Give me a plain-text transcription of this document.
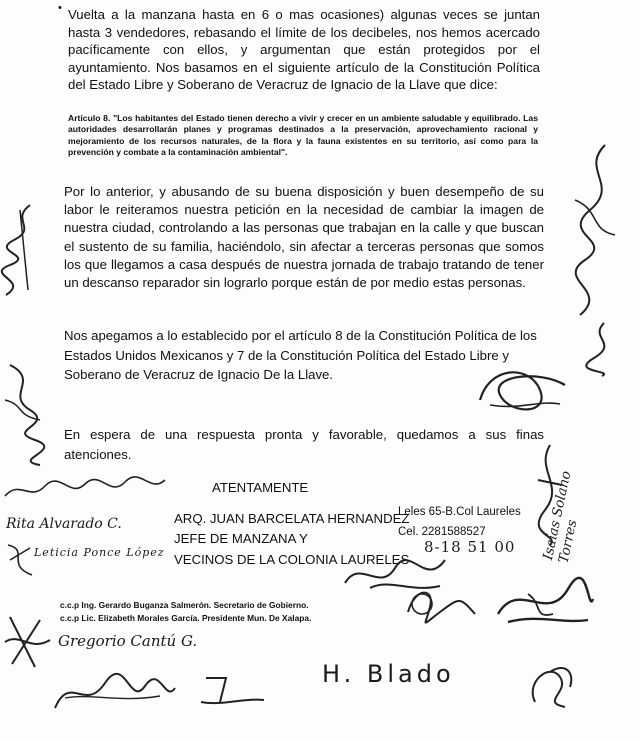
• Vuelta a la manzana hasta en 6 o mas ocasiones) algunas veces se juntan hasta 3 vendedores, rebasando el límite de los decibeles, nos hemos acercado pacíficamente con ellos, y argumentan que están protegidos por el ayuntamiento. Nos basamos en el siguiente artículo de la Constitución Política del Estado Libre y Soberano de Veracruz de Ignacio de la Llave que dice:
Artículo 8. "Los habitantes del Estado tienen derecho a vivir y crecer en un ambiente saludable y equilibrado. Las autoridades desarrollarán planes y programas destinados a la preservación, aprovechamiento racional y mejoramiento de los recursos naturales, de la flora y la fauna existentes en su territorio, así como para la prevención y combate a la contaminación ambiental".
Por lo anterior, y abusando de su buena disposición y buen desempeño de su labor le reiteramos nuestra petición en la necesidad de cambiar la imagen de nuestra ciudad, controlando a las personas que trabajan en la calle y que buscan el sustento de su familia, haciéndolo, sin afectar a terceras personas que somos los que llegamos a casa después de nuestra jornada de trabajo tratando de tener un descanso reparador sin lograrlo porque están de por medio estas personas.
Nos apegamos a lo establecido por el artículo 8 de la Constitución Política de los Estados Unidos Mexicanos y 7 de la Constitución Política del Estado Libre y Soberano de Veracruz de Ignacio De la Llave.
En espera de una respuesta pronta y favorable, quedamos a sus finas atenciones.
ATENTAMENTE
ARQ. JUAN BARCELATA HERNANDEZ
JEFE DE MANZANA Y
VECINOS DE LA COLONIA LAURELES
Leles 65-B.Col Laureles
Cel. 2281588527
8-18 51 00
c.c.p Ing. Gerardo Buganza Salmerón. Secretario de Gobierno.
c.c.p Lic. Elizabeth Morales García. Presidente Mun. De Xalapa.
Rita Alvarado C.
Leticia Ponce López	Isaías Solano Torres
Gregorio Cantú G.
H. Blado
